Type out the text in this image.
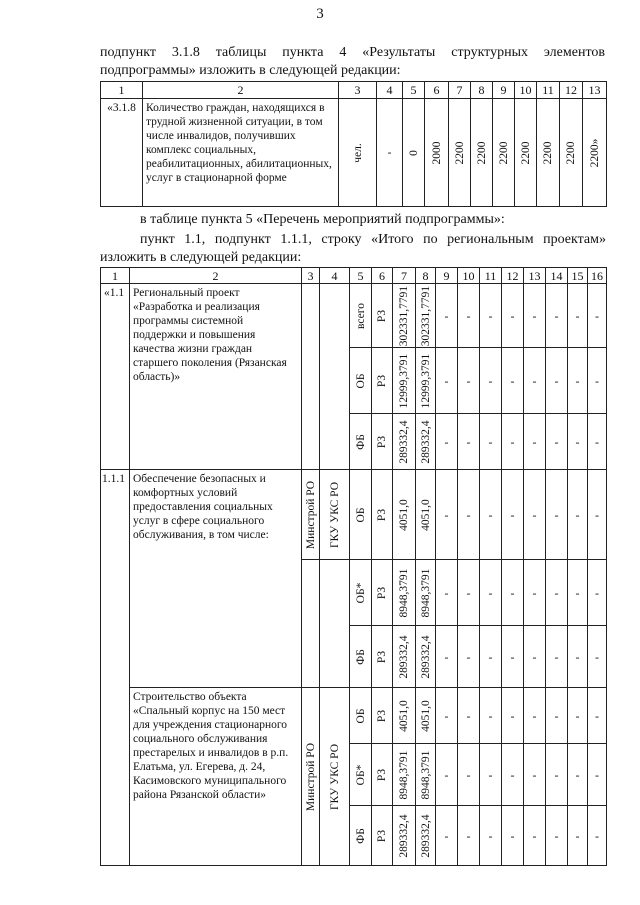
3
подпункт 3.1.8 таблицы пункта 4 «Результаты структурных элементов подпрограммы» изложить в следующей редакции:
1	2	3	4	5	6	7	8	9	10	11	12	13
«3.1.8	Количество граждан, находящихся в трудной жизненной ситуации, в том числе инвалидов, получивших комплекс социальных, реабилитационных, абилитационных, услуг в стационарной форме	чел.	-	0	2000	2200	2200	2200	2200	2200	2200	2200»
в таблице пункта 5 «Перечень мероприятий подпрограммы»:
пункт 1.1, подпункт 1.1.1, строку «Итого по региональным проектам» изложить в следующей редакции:
1	2	3	4	5	6	7	8	9	10	11	12	13	14	15	16
«1.1	Региональный проект «Разработка и реализация программы системной поддержки и повышения качества жизни граждан старшего поколения (Рязанская область)»			всего	РЗ	302331,7791	302331,7791	-	-	-	-	-	-	-	-

				ОБ	РЗ	12999,3791	12999,3791	-	-	-	-	-	-	-	-

				ФБ	РЗ	289332,4	289332,4	-	-	-	-	-	-	-	-
1.1.1	Обеспечение безопасных и комфортных условий предоставления социальных услуг в сфере социального обслуживания, в том числе:	Минстрой РО	ГКУ УКС РО	ОБ	РЗ	4051,0	4051,0	-	-	-	-	-	-	-	-

				ОБ*	РЗ	8948,3791	8948,3791	-	-	-	-	-	-	-	-

				ФБ	РЗ	289332,4	289332,4	-	-	-	-	-	-	-	-
	Строительство объекта «Спальный корпус на 150 мест для учреждения стационарного социального обслуживания престарелых и инвалидов в р.п. Елатьма, ул. Егерева, д. 24, Касимовского муниципального района Рязанской области»	Минстрой РО	ГКУ УКС РО	ОБ	РЗ	4051,0	4051,0	-	-	-	-	-	-	-	-

				ОБ*	РЗ	8948,3791	8948,3791	-	-	-	-	-	-	-	-

				ФБ	РЗ	289332,4	289332,4	-	-	-	-	-	-	-	-
